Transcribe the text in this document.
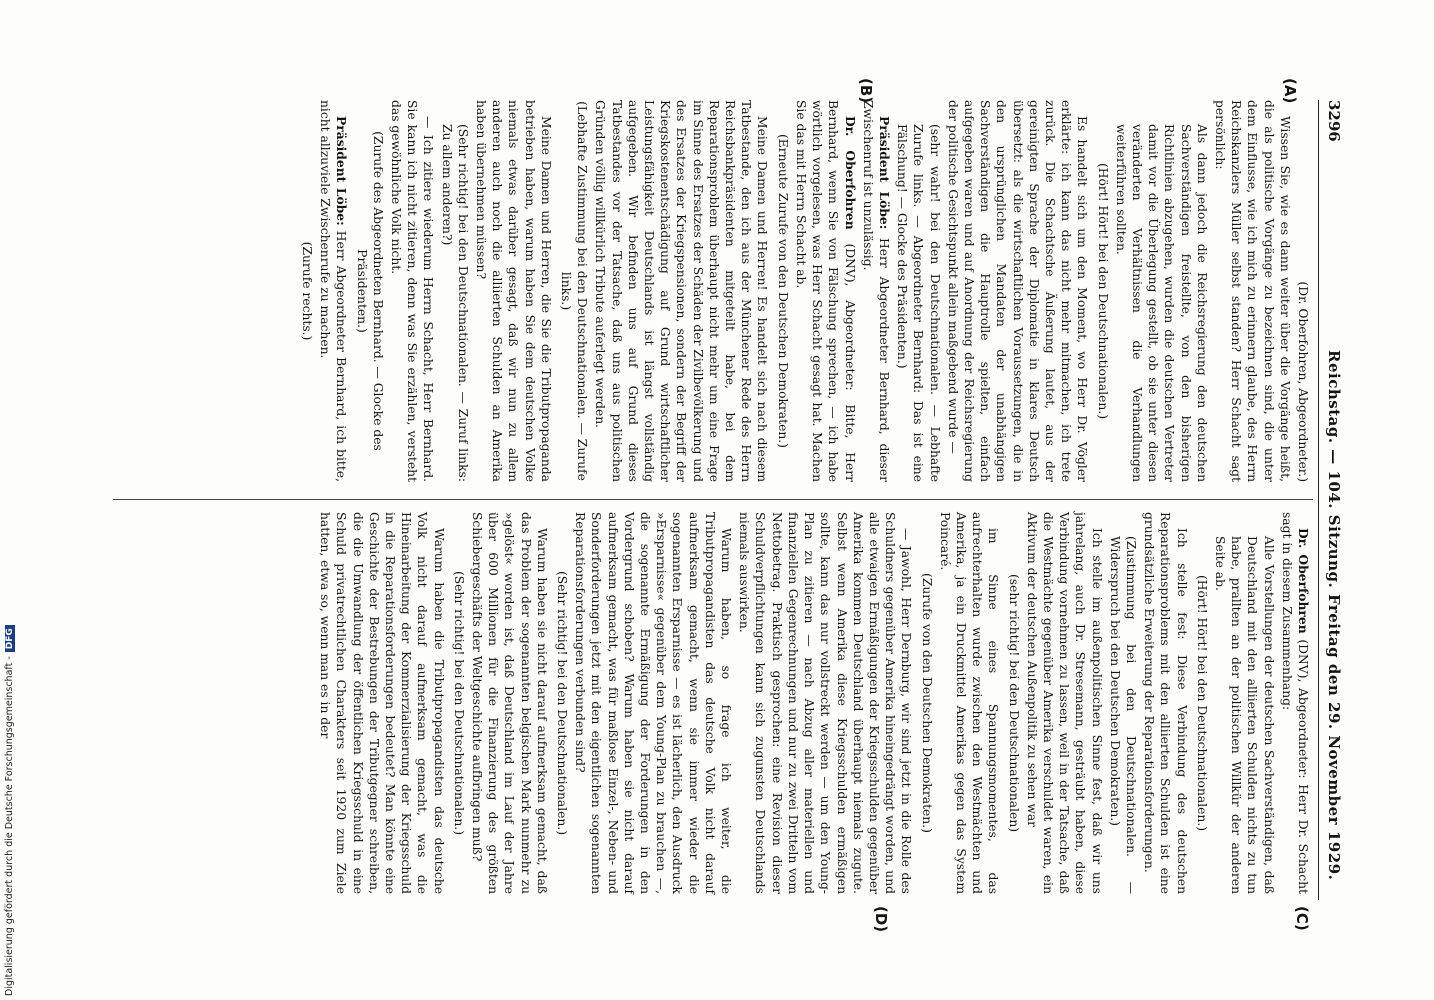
3296
Reichstag. — 104. Sitzung. Freitag den 29. November 1929.
(A)
(B)
(C)
(D)

(Dr. Oberfohren, Abgeordneter.)

Wissen Sie, wie es dann weiter über die Vorgänge heißt, die als politische Vorgänge zu bezeichnen sind, die unter dem Einflusse, wie ich mich zu erinnern glaube, des Herrn Reichskanzlers Müller selbst standen? Herr Schacht sagt persönlich:

Als dann jedoch die Reichsregierung den deutschen Sachverständigen freistellte, von den bisherigen Richtlinien abzugehen, wurden die deutschen Vertreter damit vor die Überlegung gestellt, ob sie unter diesen veränderten Verhältnissen die Verhandlungen weiterführen sollten.

(Hört! Hört! bei den Deutschnationalen.)

Es handelt sich um den Moment, wo Herr Dr. Vögler erklärte: ich kann das nicht mehr mitmachen, ich trete zurück. Die Schachtsche Äußerung lautet, aus der gereinigten Sprache der Diplomatie in klares Deutsch übersetzt: als die wirtschaftlichen Voraussetzungen, die in den ursprünglichen Mandaten der unabhängigen Sachverständigen die Hauptrolle spielten, einfach aufgegeben waren und auf Anordnung der Reichsregierung der politische Gesichtspunkt allein maßgebend wurde —

(sehr wahr! bei den Deutschnationalen. — Lebhafte Zurufe links. — Abgeordneter Bernhard: Das ist eine Fälschung! — Glocke des Präsidenten.)

Präsident Löbe: Herr Abgeordneter Bernhard, dieser Zwischenruf ist unzulässig.

Dr. Oberfohren (DNV), Abgeordneter: Bitte, Herr Bernhard, wenn Sie von Fälschung sprechen, — ich habe wörtlich vorgelesen, was Herr Schacht gesagt hat. Machen Sie das mit Herrn Schacht ab.

(Erneute Zurufe von den Deutschen Demokraten.)

Meine Damen und Herren! Es handelt sich nach diesem Tatbestande, den ich aus der Münchener Rede des Herrn Reichsbankpräsidenten mitgeteilt habe, bei dem Reparationsproblem überhaupt nicht mehr um eine Frage im Sinne des Ersatzes der Schäden der Zivilbevölkerung und des Ersatzes der Kriegspensionen, sondern der Begriff der Kriegskostenentschädigung auf Grund wirtschaftlicher Leistungsfähigkeit Deutschlands ist längst vollständig aufgegeben. Wir befinden uns auf Grund dieses Tatbestandes vor der Tatsache, daß uns aus politischen Gründen völlig willkürlich Tribute auferlegt werden.

(Lebhafte Zustimmung bei den Deutschnationalen. — Zurufe links.)

Meine Damen und Herren, die Sie die Tributpropaganda betrieben haben, warum haben Sie dem deutschen Volke niemals etwas darüber gesagt, daß wir nun zu allem anderen auch noch die alliierten Schulden an Amerika haben übernehmen müssen?

(Sehr richtig! bei den Deutschnationalen. — Zuruf links: Zu allem anderen?)

— Ich zitiere wiederum Herrn Schacht, Herr Bernhard. Sie kann ich nicht zitieren, denn was Sie erzählen, versteht das gewöhnliche Volk nicht.

(Zurufe des Abgeordneten Bernhard. — Glocke des Präsidenten.)

Präsident Löbe: Herr Abgeordneter Bernhard, ich bitte, nicht allzuviele Zwischenrufe zu machen.

(Zurufe rechts.)

Dr. Oberfohren (DNV), Abgeordneter: Herr Dr. Schacht sagt in diesem Zusammenhang:

Alle Vorstellungen der deutschen Sachverständigen, daß Deutschland mit den alliierten Schulden nichts zu tun habe, prallten an der politischen Willkür der anderen Seite ab.

(Hört! Hört! bei den Deutschnationalen.)

Ich stelle fest: Diese Verbindung des deutschen Reparationsproblems mit den alliierten Schulden ist eine grundsätzliche Erweiterung der Reparationsforderungen.

(Zustimmung bei den Deutschnationalen. — Widerspruch bei den Deutschen Demokraten.)

Ich stelle im außenpolitischen Sinne fest, daß wir uns jahrelang, auch Dr. Stresemann, gesträubt haben, diese Verbindung vornehmen zu lassen, weil in der Tatsache, daß die Westmächte gegenüber Amerika verschuldet waren, ein Aktivum der deutschen Außenpolitik zu sehen war

(sehr richtig! bei den Deutschnationalen)

im Sinne eines Spannungsmomentes, das aufrechterhalten wurde zwischen den Westmächten und Amerika, ja ein Druckmittel Amerikas gegen das System Poincaré.

(Zurufe von den Deutschen Demokraten.)

— Jawohl, Herr Dernburg, wir sind jetzt in die Rolle des Schuldners gegenüber Amerika hineingedrängt worden, und alle etwaigen Ermäßigungen der Kriegsschulden gegenüber Amerika kommen Deutschland überhaupt niemals zugute. Selbst wenn Amerika diese Kriegsschulden ermäßigen sollte, kann das nur vollstreckt werden — um den Young-Plan zu zitieren — nach Abzug aller materiellen und finanziellen Gegenrechnungen und nur zu zwei Dritteln vom Nettobetrag. Praktisch gesprochen: eine Revision dieser Schuldverpflichtungen kann sich zugunsten Deutschlands niemals auswirken.

Warum haben, so frage ich weiter, die Tributpropagandisten das deutsche Volk nicht darauf aufmerksam gemacht, wenn sie immer wieder die sogenannten Ersparnisse — es ist lächerlich, den Ausdruck »Ersparnisse« gegenüber dem Young-Plan zu brauchen —, die sogenannte Ermäßigung der Forderungen in den Vordergrund schoben? Warum haben sie nicht darauf aufmerksam gemacht, was für maßlose Einzel-, Neben- und Sonderforderungen jetzt mit den eigentlichen sogenannten Reparationsforderungen verbunden sind?

(Sehr richtig! bei den Deutschnationalen.)

Warum haben sie nicht darauf aufmerksam gemacht, daß das Problem der sogenannten belgischen Mark nunmehr zu »gelöst« worden ist, daß Deutschland im Lauf der Jahre über 600 Millionen für die Finanzierung des größten Schiebergeschäfts der Weltgeschichte aufbringen muß?

(Sehr richtig! bei den Deutschnationalen.)

Warum haben die Tributpropagandisten das deutsche Volk nicht darauf aufmerksam gemacht, was die Hineinarbeitung der Kommerzialisierung der Kriegsschuld in die Reparationsforderungen bedeutet? Man könnte eine Geschichte der Bestrebungen der Tributgegner schreiben, die die Umwandlung der öffentlichen Kriegsschuld in eine Schuld privatrechtlichen Charakters seit 1920 zum Ziele hatten, etwa so, wenn man es in der

Digitalisierung gefördert durch die Deutsche Forschungsgemeinschaft -DFG
